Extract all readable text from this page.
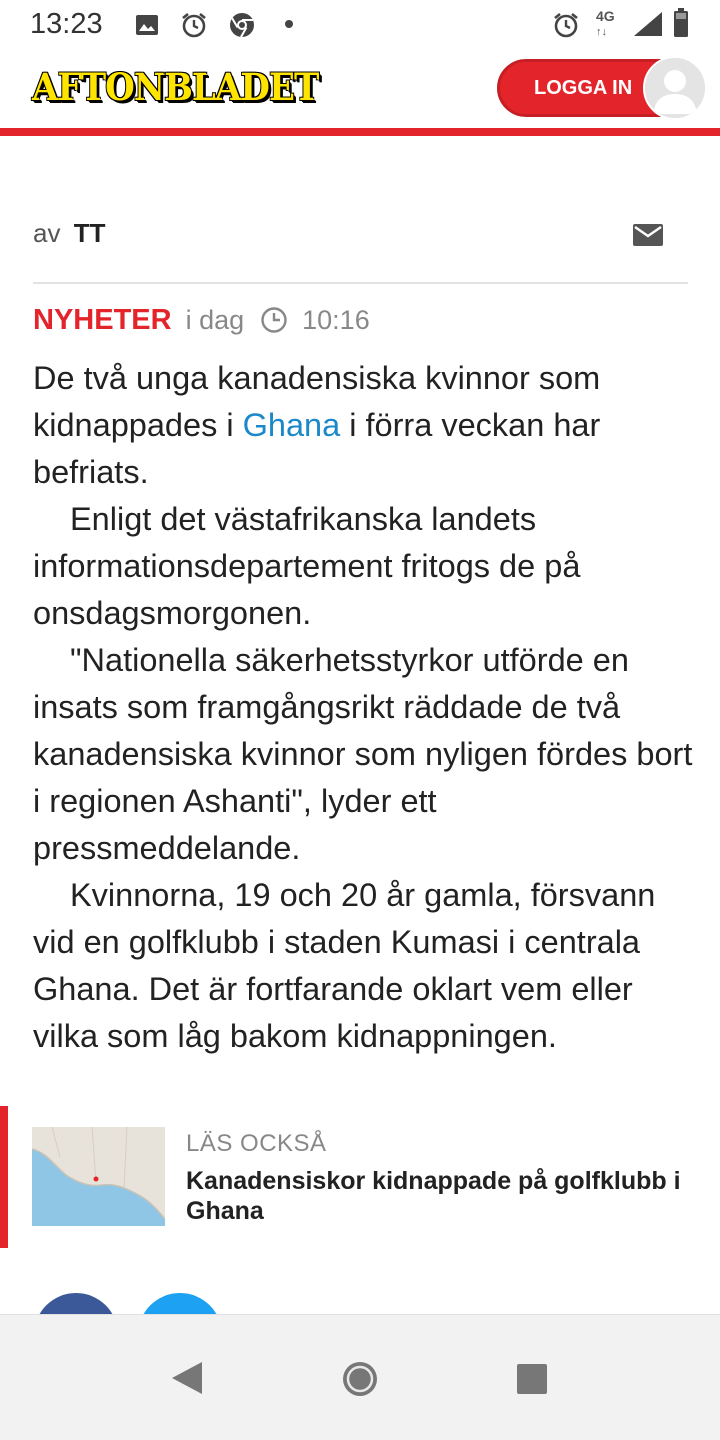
13:23	4G
↑↓
AFTONBLADET	LOGGA IN
av TT
NYHETER i dag 10:16

De två unga kanadensiska kvinnor som kidnappades i Ghana i förra veckan har befriats.

Enligt det västafrikanska landets informationsdepartement fritogs de på onsdagsmorgonen.

"Nationella säkerhetsstyrkor utförde en insats som framgångsrikt räddade de två kanadensiska kvinnor som nyligen fördes bort i regionen Ashanti", lyder ett pressmeddelande.

Kvinnorna, 19 och 20 år gamla, försvann vid en golfklubb i staden Kumasi i centrala Ghana. Det är fortfarande oklart vem eller vilka som låg bakom kidnappningen.

LÄS OCKSÅ
Kanadensiskor kidnappade på golfklubb i Ghana
